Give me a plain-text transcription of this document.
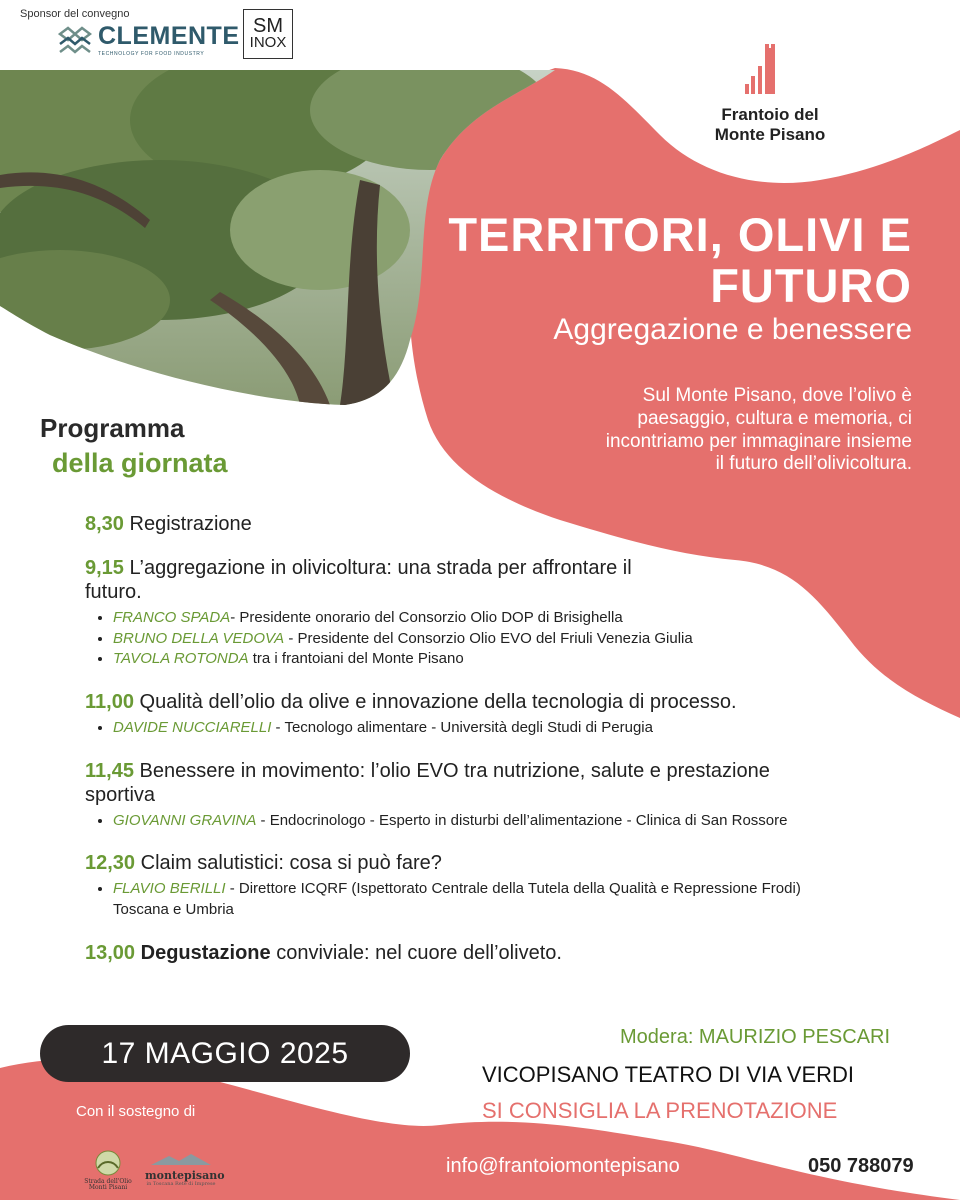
Sponsor del convegno
CLEMENTE
TECHNOLOGY FOR FOOD INDUSTRY
SM
INOX
Frantoio del
Monte Pisano
TERRITORI, OLIVI E
FUTURO
Aggregazione e benessere
Sul Monte Pisano, dove l’olivo è paesaggio, cultura e memoria, ci incontriamo per immaginare insieme il futuro dell’olivicoltura.
Programma
della giornata
8,30 Registrazione
9,15 L’aggregazione in olivicoltura: una strada per affrontare il futuro.
• FRANCO SPADA- Presidente onorario del Consorzio Olio DOP di Brisighella
• BRUNO DELLA VEDOVA - Presidente del Consorzio Olio EVO del Friuli Venezia Giulia
• TAVOLA ROTONDA tra i frantoiani del Monte Pisano
11,00 Qualità dell’olio da olive e innovazione della tecnologia di processo.
• DAVIDE NUCCIARELLI - Tecnologo alimentare - Università degli Studi di Perugia
11,45 Benessere in movimento: l’olio EVO tra nutrizione, salute e prestazione sportiva
• GIOVANNI GRAVINA - Endocrinologo - Esperto in disturbi dell’alimentazione - Clinica di San Rossore
12,30 Claim salutistici: cosa si può fare?
• FLAVIO BERILLI - Direttore ICQRF (Ispettorato Centrale della Tutela della Qualità e Repressione Frodi) Toscana e Umbria
13,00 Degustazione conviviale: nel cuore dell’oliveto.
17 MAGGIO 2025	Modera: MAURIZIO PESCARI
VICOPISANO TEATRO DI VIA VERDI
SI CONSIGLIA LA PRENOTAZIONE
Con il sostegno di
Strada dell'Olio Monti Pisani
montepisano
in Toscana Rete di Imprese
info@frantoiomontepisano	050 788079
